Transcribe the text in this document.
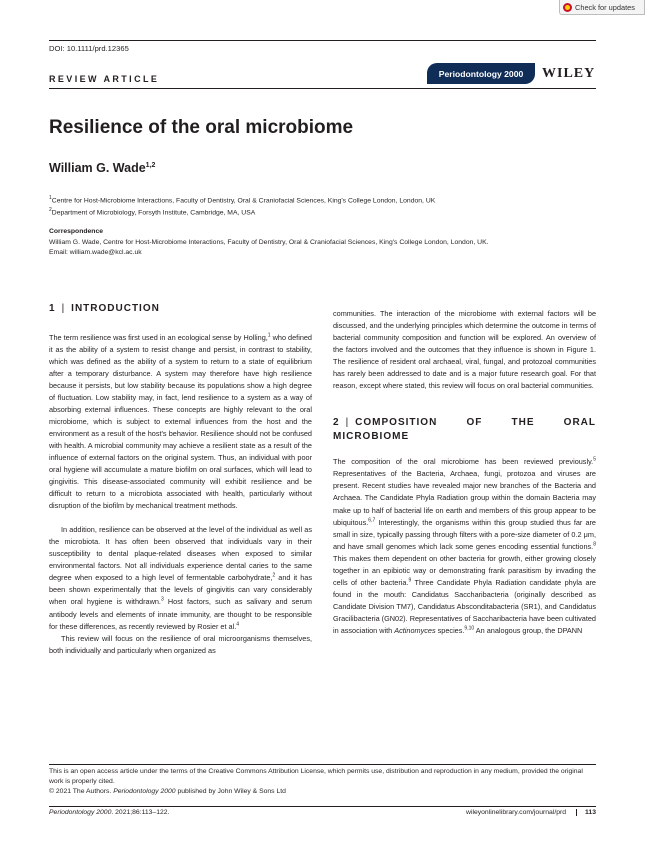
Check for updates
DOI: 10.1111/prd.12365
REVIEW ARTICLE
Periodontology 2000	WILEY
Resilience of the oral microbiome
William G. Wade$^{1,2}$
$^1$Centre for Host-Microbiome Interactions, Faculty of Dentistry, Oral & Craniofacial Sciences, King's College London, London, UK
$^2$Department of Microbiology, Forsyth Institute, Cambridge, MA, USA
Correspondence
William G. Wade, Centre for Host-Microbiome Interactions, Faculty of Dentistry, Oral & Craniofacial Sciences, King's College London, London, UK.
Email: william.wade@kcl.ac.uk
1 | INTRODUCTION

The term resilience was first used in an ecological sense by Holling,$^1$ who defined it as the ability of a system to resist change and persist, in contrast to stability, which was defined as the ability of a system to return to a state of equilibrium after a temporary disturbance. A system may therefore have high resilience because it persists, but low stability because its populations show a high degree of fluctuation. Low stability may, in fact, lend resilience to a system as a way of absorbing external influences. These concepts are highly relevant to the oral microbiome, which is subject to external influences from the host and the environment as a result of the host's behavior. Resilience should not be confused with health. A microbial community may achieve a resilient state as a result of the influence of external factors on the original system. Thus, an individual with poor oral hygiene will accumulate a mature biofilm on oral surfaces, which will lead to gingivitis. This disease-associated community will exhibit resilience and be difficult to return to a microbiota associated with health, particularly without disruption of the biofilm by mechanical treatment methods.

In addition, resilience can be observed at the level of the individual as well as the microbiota. It has often been observed that individuals vary in their susceptibility to dental plaque-related diseases when exposed to similar environmental factors. Not all individuals experience dental caries to the same degree when exposed to a high level of fermentable carbohydrate,$^2$ and it has been shown experimentally that the levels of gingivitis can vary considerably when oral hygiene is withdrawn.$^3$ Host factors, such as salivary and serum antibody levels and elements of innate immunity, are thought to be responsible for these differences, as recently reviewed by Rosier et al.$^4$

This review will focus on the resilience of oral microorganisms themselves, both individually and particularly when organized as

communities. The interaction of the microbiome with external factors will be discussed, and the underlying principles which determine the outcome in terms of bacterial community composition and function will be explored. An overview of the factors involved and the outcomes that they influence is shown in Figure 1. The resilience of resident oral archaeal, viral, fungal, and protozoal communities has rarely been addressed to date and is a major future research goal. For that reason, except where stated, this review will focus on oral bacterial communities.

2 | COMPOSITION OF THE ORAL MICROBIOME

The composition of the oral microbiome has been reviewed previously.$^5$ Representatives of the Bacteria, Archaea, fungi, protozoa and viruses are present. Recent studies have revealed major new branches of the Bacteria and Archaea. The Candidate Phyla Radiation group within the domain Bacteria may make up to half of bacterial life on earth and members of this group appear to be ubiquitous.$^{6,7}$ Interestingly, the organisms within this group studied thus far are small in size, typically passing through filters with a pore-size diameter of 0.2 μm, and have small genomes which lack some genes encoding essential functions.$^8$ This makes them dependent on other bacteria for growth, either growing closely together in an epibiotic way or demonstrating frank parasitism by invading the cells of other bacteria.$^9$ Three Candidate Phyla Radiation candidate phyla are found in the mouth: Candidatus Saccharibacteria (originally described as Candidate Division TM7), Candidatus Absconditabacteria (SR1), and Candidatus Gracilibacteria (GN02). Representatives of Saccharibacteria have been cultivated in association with Actinomyces species.$^{9,10}$ An analogous group, the DPANN

This is an open access article under the terms of the Creative Commons Attribution License, which permits use, distribution and reproduction in any medium, provided the original work is properly cited.
© 2021 The Authors. Periodontology 2000 published by John Wiley & Sons Ltd
Periodontology 2000. 2021;86:113–122.	wileyonlinelibrary.com/journal/prd	113
